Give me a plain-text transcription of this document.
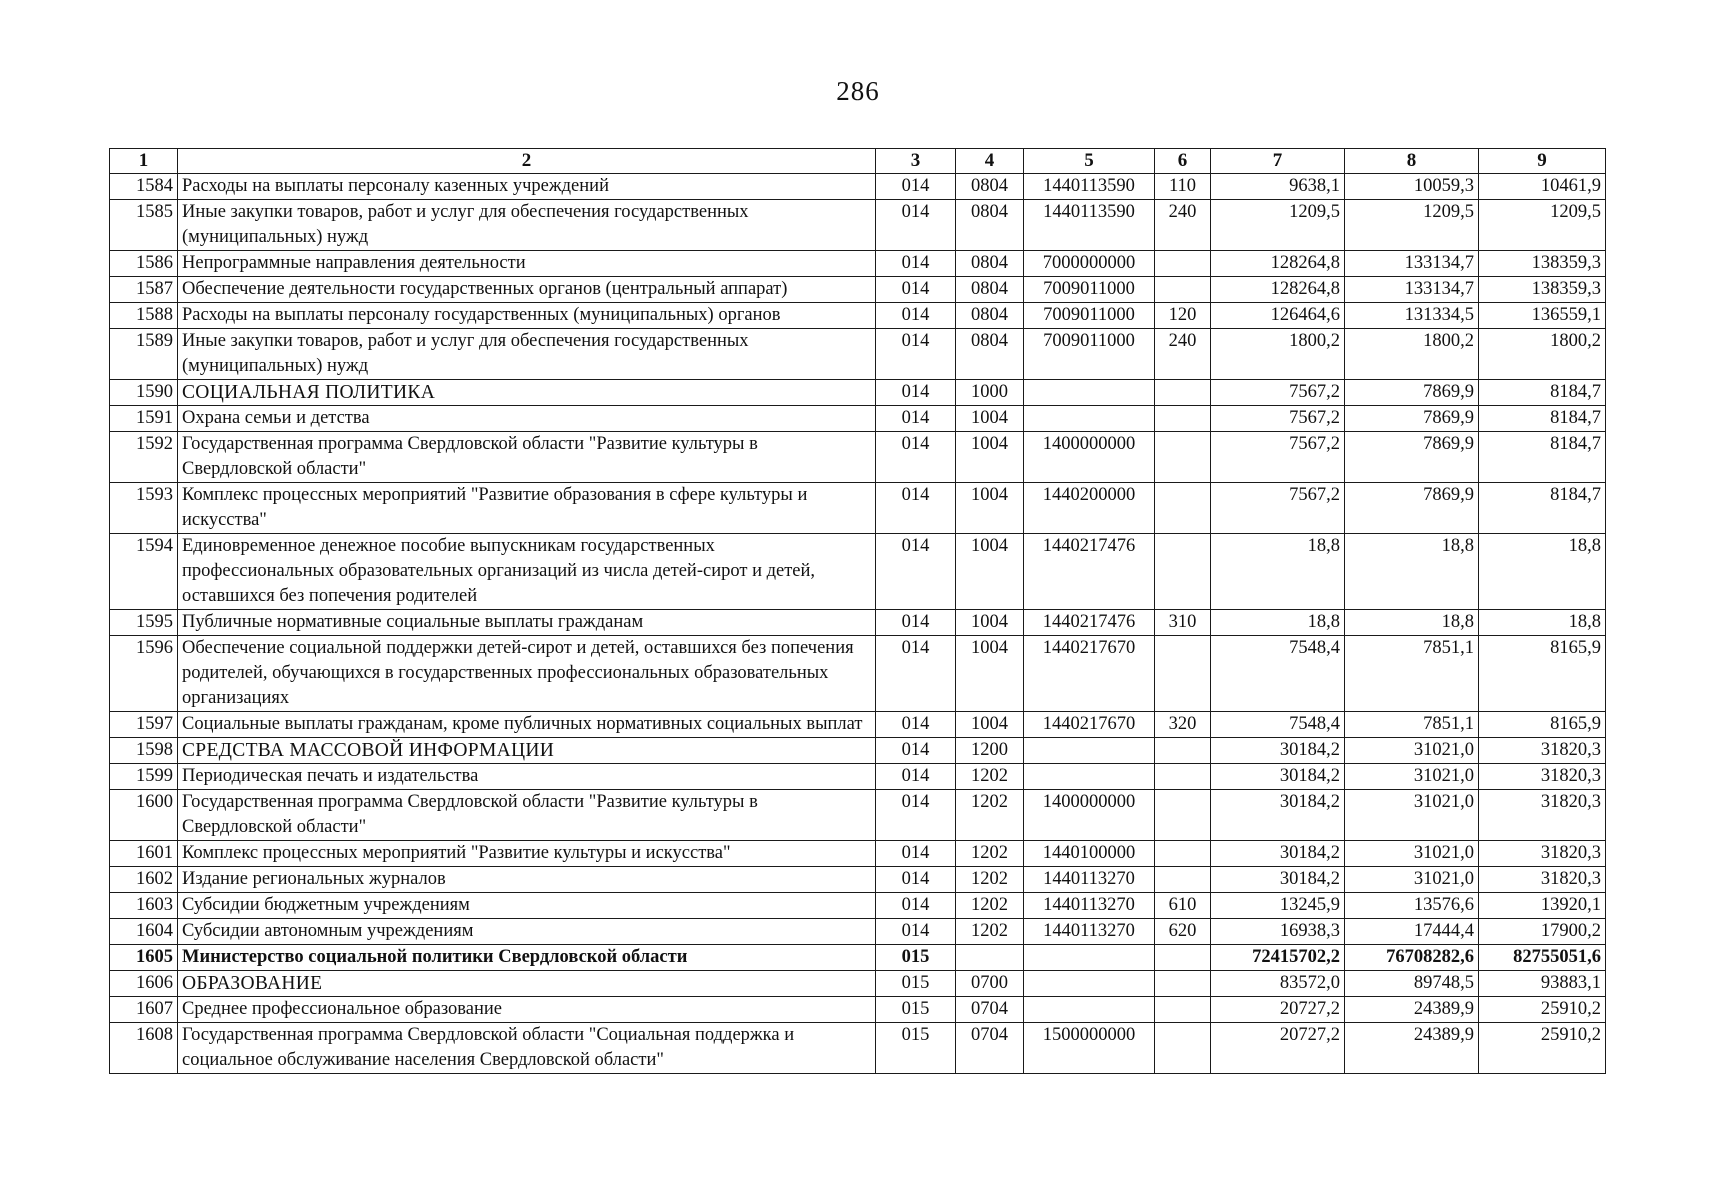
286
1	2	3	4	5	6	7	8	9
1584	Расходы на выплаты персоналу казенных учреждений	014	0804	1440113590	110	9638,1	10059,3	10461,9
1585	Иные закупки товаров, работ и услуг для обеспечения государственных (муниципальных) нужд	014	0804	1440113590	240	1209,5	1209,5	1209,5
1586	Непрограммные направления деятельности	014	0804	7000000000		128264,8	133134,7	138359,3
1587	Обеспечение деятельности государственных органов (центральный аппарат)	014	0804	7009011000		128264,8	133134,7	138359,3
1588	Расходы на выплаты персоналу государственных (муниципальных) органов	014	0804	7009011000	120	126464,6	131334,5	136559,1
1589	Иные закупки товаров, работ и услуг для обеспечения государственных (муниципальных) нужд	014	0804	7009011000	240	1800,2	1800,2	1800,2
1590	СОЦИАЛЬНАЯ ПОЛИТИКА	014	1000			7567,2	7869,9	8184,7
1591	Охрана семьи и детства	014	1004			7567,2	7869,9	8184,7
1592	Государственная программа Свердловской области "Развитие культуры в Свердловской области"	014	1004	1400000000		7567,2	7869,9	8184,7
1593	Комплекс процессных мероприятий "Развитие образования в сфере культуры и искусства"	014	1004	1440200000		7567,2	7869,9	8184,7
1594	Единовременное денежное пособие выпускникам государственных профессиональных образовательных организаций из числа детей-сирот и детей, оставшихся без попечения родителей	014	1004	1440217476		18,8	18,8	18,8
1595	Публичные нормативные социальные выплаты гражданам	014	1004	1440217476	310	18,8	18,8	18,8
1596	Обеспечение социальной поддержки детей-сирот и детей, оставшихся без попечения родителей, обучающихся в государственных профессиональных образовательных организациях	014	1004	1440217670		7548,4	7851,1	8165,9
1597	Социальные выплаты гражданам, кроме публичных нормативных социальных выплат	014	1004	1440217670	320	7548,4	7851,1	8165,9
1598	СРЕДСТВА МАССОВОЙ ИНФОРМАЦИИ	014	1200			30184,2	31021,0	31820,3
1599	Периодическая печать и издательства	014	1202			30184,2	31021,0	31820,3
1600	Государственная программа Свердловской области "Развитие культуры в Свердловской области"	014	1202	1400000000		30184,2	31021,0	31820,3
1601	Комплекс процессных мероприятий "Развитие культуры и искусства"	014	1202	1440100000		30184,2	31021,0	31820,3
1602	Издание региональных журналов	014	1202	1440113270		30184,2	31021,0	31820,3
1603	Субсидии бюджетным учреждениям	014	1202	1440113270	610	13245,9	13576,6	13920,1
1604	Субсидии автономным учреждениям	014	1202	1440113270	620	16938,3	17444,4	17900,2
1605	Министерство социальной политики Свердловской области	015				72415702,2	76708282,6	82755051,6
1606	ОБРАЗОВАНИЕ	015	0700			83572,0	89748,5	93883,1
1607	Среднее профессиональное образование	015	0704			20727,2	24389,9	25910,2
1608	Государственная программа Свердловской области "Социальная поддержка и социальное обслуживание населения Свердловской области"	015	0704	1500000000		20727,2	24389,9	25910,2
